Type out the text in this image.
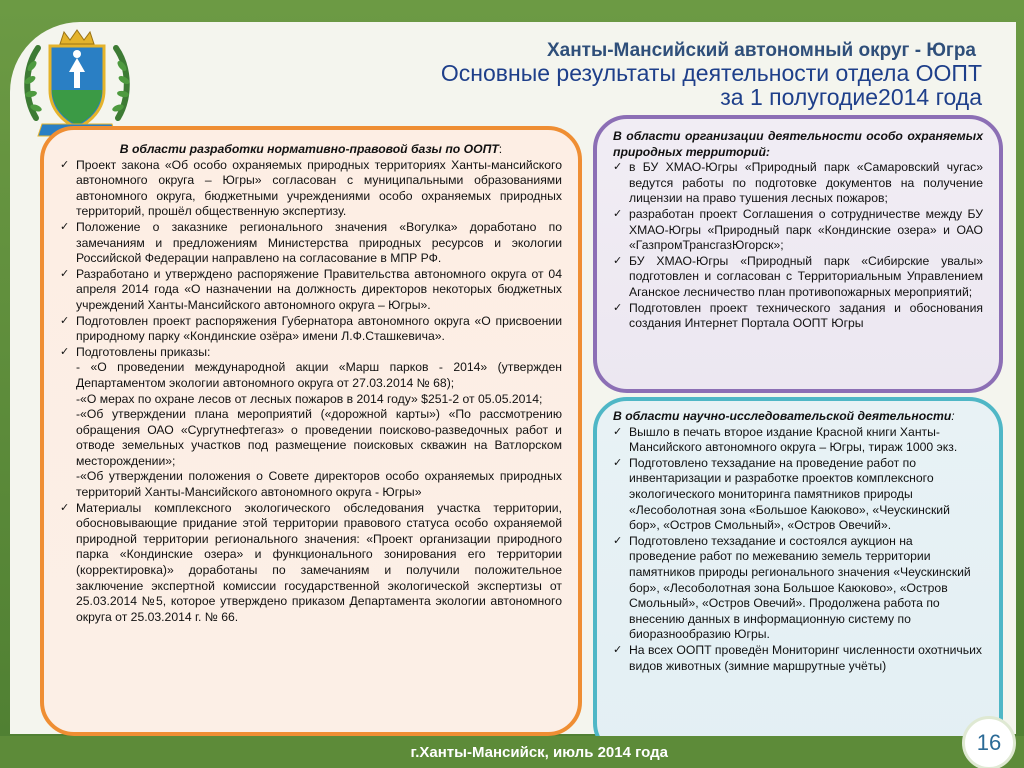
Ханты-Мансийский автономный округ - Югра
Основные результаты деятельности отдела ООПТ
за 1 полугодие2014 года
В области разработки нормативно-правовой базы по ООПТ:
✓ Проект закона «Об особо охраняемых природных территориях Ханты-мансийского автономного округа – Югры» согласован с муниципальными образованиями автономного округа, бюджетными учреждениями особо охраняемых природных территорий, прошёл общественную экспертизу.
✓ Положение о заказнике регионального значения «Вогулка» доработано по замечаниям и предложениям Министерства природных ресурсов и экологии Российской Федерации направлено на согласование в МПР РФ.
✓ Разработано и утверждено распоряжение Правительства автономного округа от 04 апреля 2014 года «О назначении на должность директоров некоторых бюджетных учреждений Ханты-Мансийского автономного округа – Югры».
✓ Подготовлен проект распоряжения Губернатора автономного округа «О присвоении природному парку «Кондинские озёра» имени Л.Ф.Сташкевича».
✓ Подготовлены приказы:
- «О проведении международной акции «Марш парков - 2014» (утвержден Департаментом экологии автономного округа от 27.03.2014 № 68);
-«О мерах по охране лесов от лесных пожаров в 2014 году» $251-2 от 05.05.2014;
-«Об утверждении плана мероприятий («дорожной карты») «По рассмотрению обращения ОАО «Сургутнефтегаз» о проведении поисково-разведочных работ и отводе земельных участков под размещение поисковых скважин на Ватлорском месторождении»;
-«Об утверждении положения о Совете директоров особо охраняемых природных территорий Ханты-Мансийского автономного округа - Югры»
✓ Материалы комплексного экологического обследования участка территории, обосновывающие придание этой территории правового статуса особо охраняемой природной территории регионального значения: «Проект организации природного парка «Кондинские озера» и функционального зонирования его территории (корректировка)» доработаны по замечаниям и получили положительное заключение экспертной комиссии государственной экологической экспертизы от 25.03.2014 №5, которое утверждено приказом Департамента экологии автономного округа от 25.03.2014 г. № 66.
В области организации деятельности особо охраняемых природных территорий:
✓ в БУ ХМАО-Югры «Природный парк «Самаровский чугас» ведутся работы по подготовке документов на получение лицензии на право тушения лесных пожаров;
✓ разработан проект Соглашения о сотрудничестве между БУ ХМАО-Югры «Природный парк «Кондинские озера» и ОАО «ГазпромТрансгазЮгорск»;
✓ БУ ХМАО-Югры «Природный парк «Сибирские увалы» подготовлен и согласован с Территориальным Управлением Аганское лесничество план противопожарных мероприятий;
✓ Подготовлен проект технического задания и обоснования создания Интернет Портала ООПТ Югры
В области научно-исследовательской деятельности:
✓ Вышло в печать второе издание Красной книги Ханты-Мансийского автономного округа – Югры, тираж 1000 экз.
✓ Подготовлено техзадание на проведение работ по инвентаризации и разработке проектов комплексного экологического мониторинга памятников природы «Лесоболотная зона «Большое Каюково», «Чеускинский бор», «Остров Смольный», «Остров Овечий».
✓ Подготовлено техзадание и состоялся аукцион на проведение работ по межеванию земель территории памятников природы регионального значения «Чеускинский бор», «Лесоболотная зона Большое Каюково», «Остров Смольный», «Остров Овечий». Продолжена работа по внесению данных в информационную систему по биоразнообразию Югры.
✓ На всех ООПТ проведён Мониторинг численности охотничьих видов животных (зимние маршрутные учёты)
г.Ханты-Мансийск, июль 2014 года	16
